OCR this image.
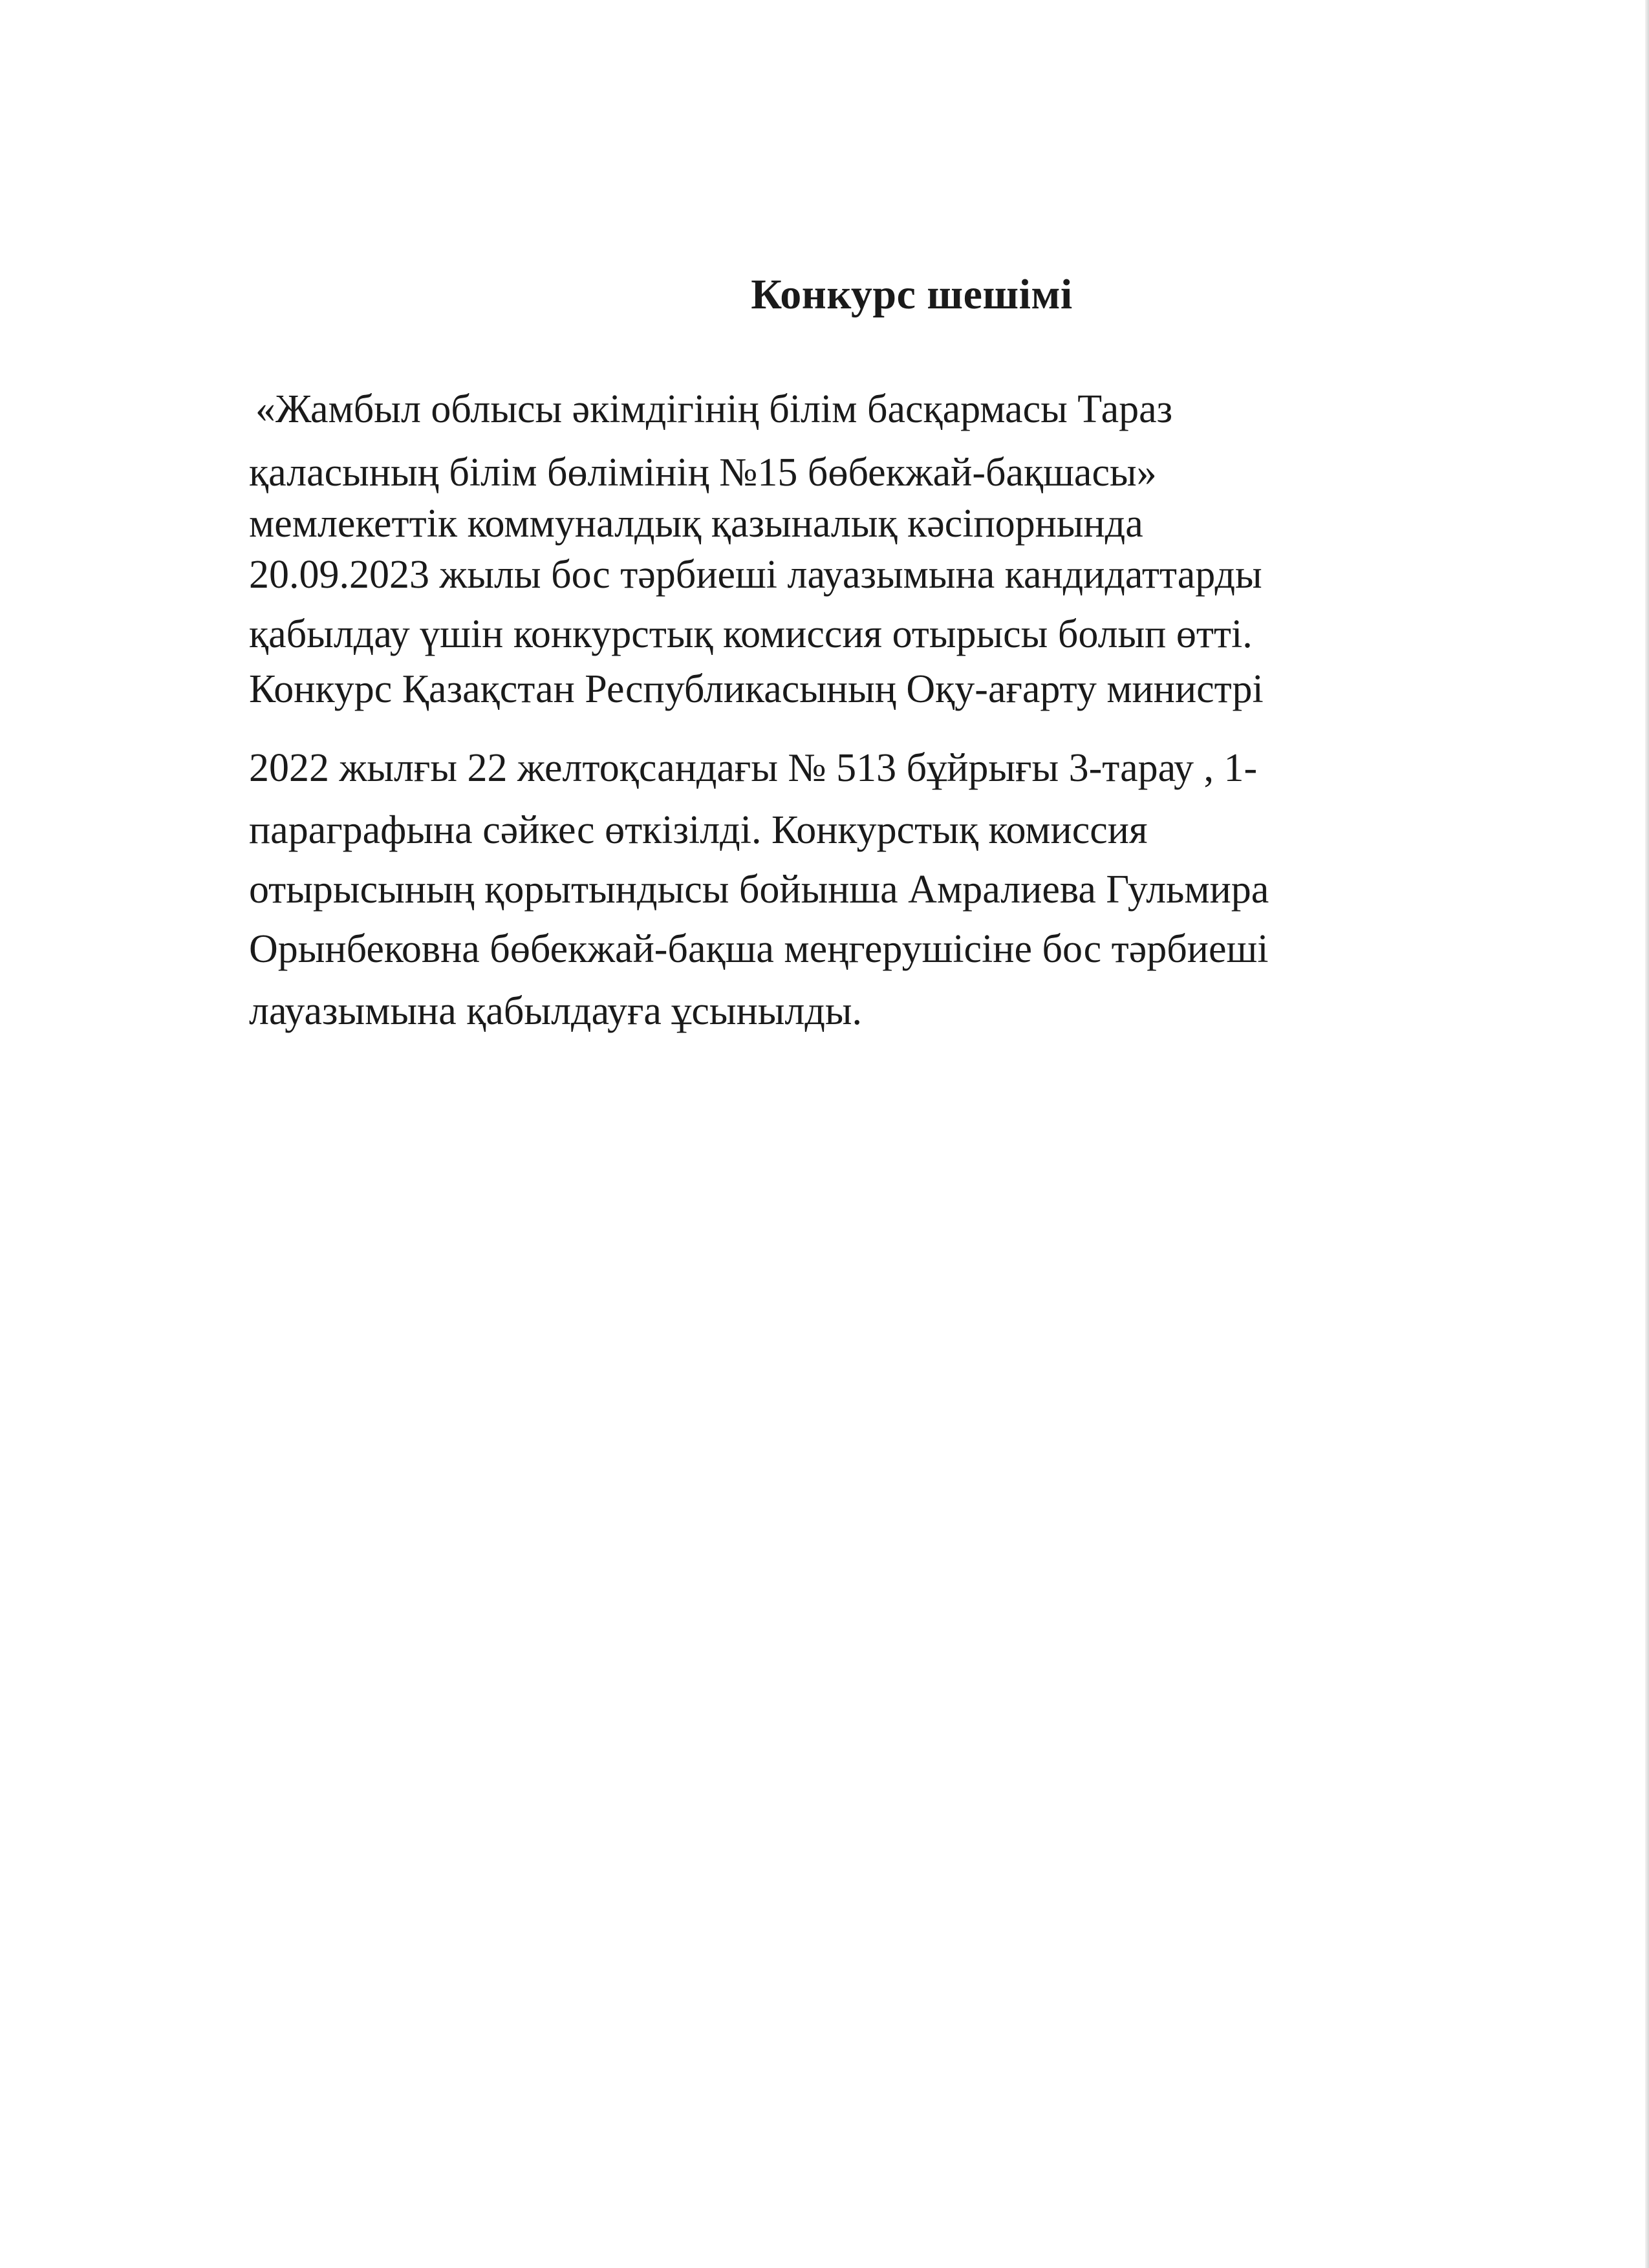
Конкурс шешімі
«Жамбыл облысы әкімдігінің білім басқармасы Тараз
қаласының білім бөлімінің №15 бөбекжай-бақшасы»
мемлекеттік коммуналдық қазыналық кәсіпорнында
20.09.2023 жылы бос тәрбиеші лауазымына кандидаттарды
қабылдау үшін конкурстық комиссия отырысы болып өтті.
Конкурс Қазақстан Республикасының Оқу-ағарту министрі
2022 жылғы 22 желтоқсандағы № 513 бұйрығы 3-тарау , 1-
параграфына сәйкес өткізілді. Конкурстық комиссия
отырысының қорытындысы бойынша Амралиева Гульмира
Орынбековна бөбекжай-бақша меңгерушісіне бос тәрбиеші
лауазымына қабылдауға ұсынылды.
